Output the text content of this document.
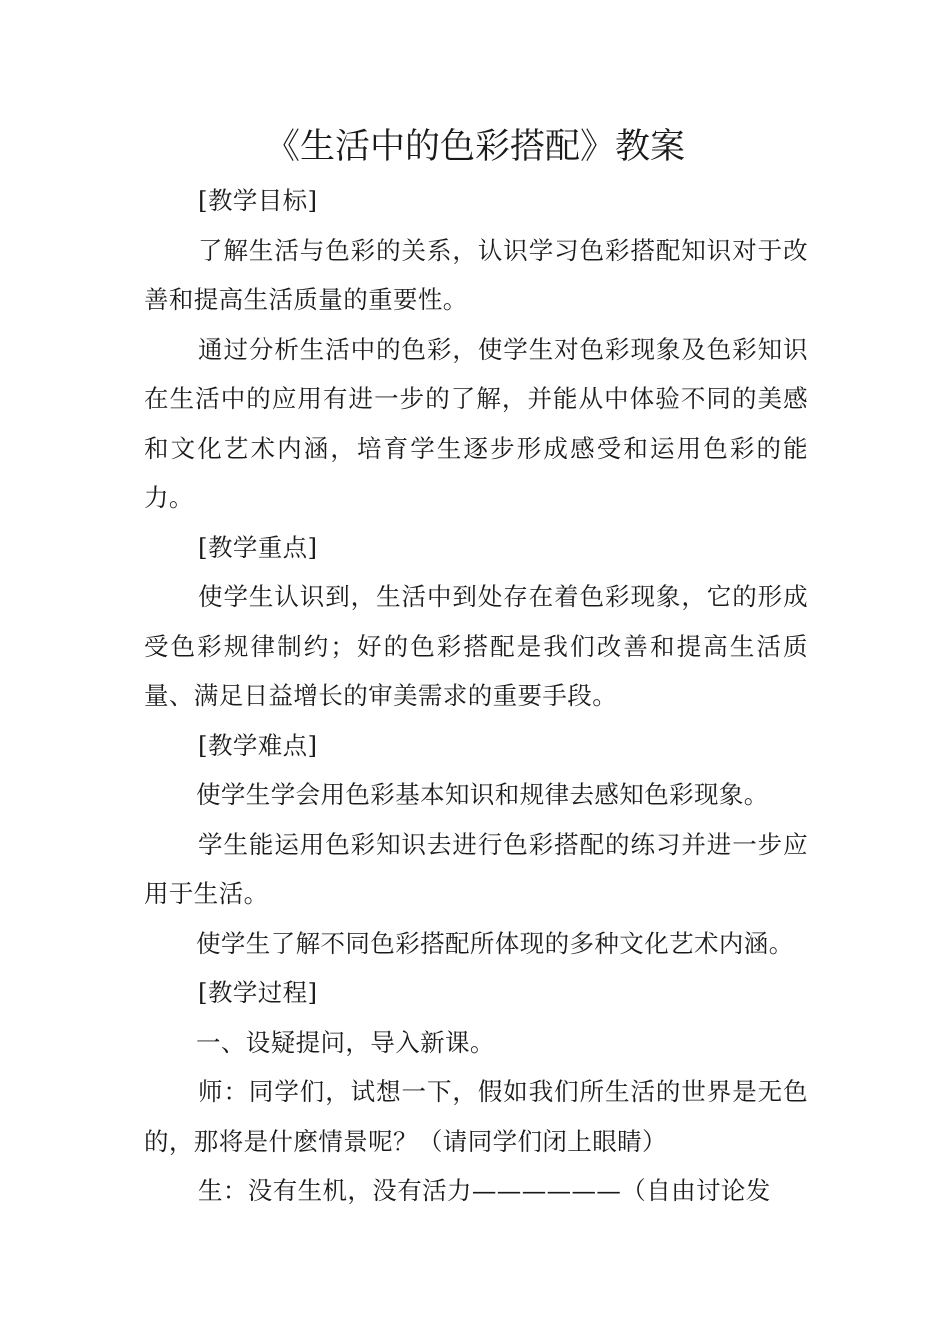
《生活中的色彩搭配》教案

[教学目标]

了解生活与色彩的关系，认识学习色彩搭配知识对于改善和提高生活质量的重要性。

通过分析生活中的色彩，使学生对色彩现象及色彩知识在生活中的应用有进一步的了解，并能从中体验不同的美感和文化艺术内涵，培育学生逐步形成感受和运用色彩的能力。

[教学重点]

使学生认识到，生活中到处存在着色彩现象，它的形成受色彩规律制约；好的色彩搭配是我们改善和提高生活质量、满足日益增长的审美需求的重要手段。

[教学难点]

使学生学会用色彩基本知识和规律去感知色彩现象。

学生能运用色彩知识去进行色彩搭配的练习并进一步应用于生活。

使学生了解不同色彩搭配所体现的多种文化艺术内涵。

[教学过程]

一、设疑提问，导入新课。

师：同学们，试想一下，假如我们所生活的世界是无色的，那将是什麽情景呢？（请同学们闭上眼睛）

生：没有生机，没有活力——————（自由讨论发
